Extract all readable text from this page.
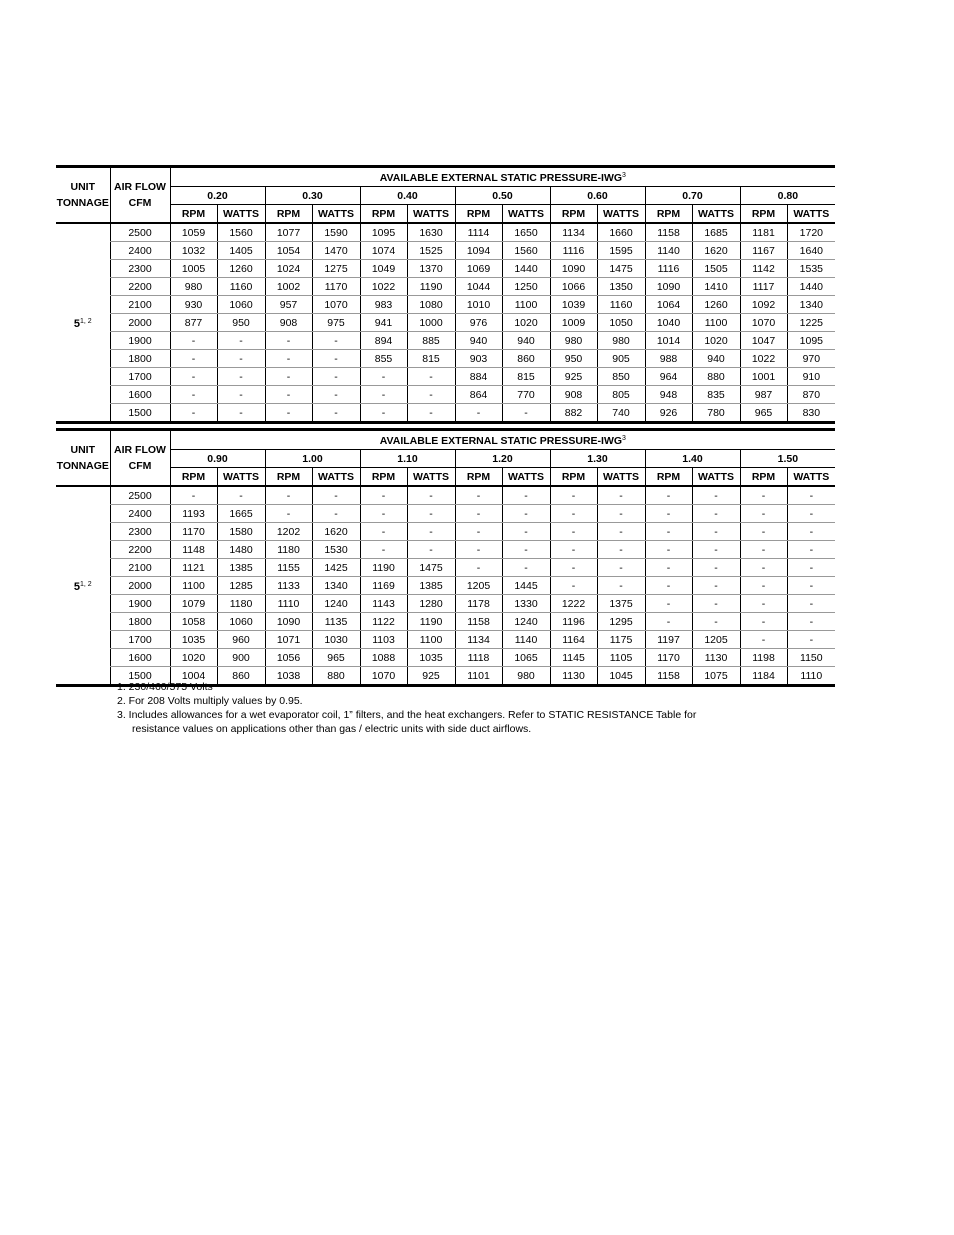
UNIT
TONNAGE	AIR FLOW
CFM	AVAILABLE EXTERNAL STATIC PRESSURE-IWG$^3$
		0.20		0.30		0.40		0.50		0.60		0.70		0.80	
		RPM	WATTS	RPM	WATTS	RPM	WATTS	RPM	WATTS	RPM	WATTS	RPM	WATTS	RPM	WATTS
5$^{1, 2}$	2500	1059	1560	1077	1590	1095	1630	1114	1650	1134	1660	1158	1685	1181	1720
	2400	1032	1405	1054	1470	1074	1525	1094	1560	1116	1595	1140	1620	1167	1640
	2300	1005	1260	1024	1275	1049	1370	1069	1440	1090	1475	1116	1505	1142	1535
	2200	980	1160	1002	1170	1022	1190	1044	1250	1066	1350	1090	1410	1117	1440
	2100	930	1060	957	1070	983	1080	1010	1100	1039	1160	1064	1260	1092	1340
	2000	877	950	908	975	941	1000	976	1020	1009	1050	1040	1100	1070	1225
	1900	-	-	-	-	894	885	940	940	980	980	1014	1020	1047	1095
	1800	-	-	-	-	855	815	903	860	950	905	988	940	1022	970
	1700	-	-	-	-	-	-	884	815	925	850	964	880	1001	910
	1600	-	-	-	-	-	-	864	770	908	805	948	835	987	870
	1500	-	-	-	-	-	-	-	-	882	740	926	780	965	830
UNIT
TONNAGE	AIR FLOW
CFM	AVAILABLE EXTERNAL STATIC PRESSURE-IWG$^3$
		0.90		1.00		1.10		1.20		1.30		1.40		1.50	
		RPM	WATTS	RPM	WATTS	RPM	WATTS	RPM	WATTS	RPM	WATTS	RPM	WATTS	RPM	WATTS
5$^{1, 2}$	2500	-	-	-	-	-	-	-	-	-	-	-	-	-	-
	2400	1193	1665	-	-	-	-	-	-	-	-	-	-	-	-
	2300	1170	1580	1202	1620	-	-	-	-	-	-	-	-	-	-
	2200	1148	1480	1180	1530	-	-	-	-	-	-	-	-	-	-
	2100	1121	1385	1155	1425	1190	1475	-	-	-	-	-	-	-	-
	2000	1100	1285	1133	1340	1169	1385	1205	1445	-	-	-	-	-	-
	1900	1079	1180	1110	1240	1143	1280	1178	1330	1222	1375	-	-	-	-
	1800	1058	1060	1090	1135	1122	1190	1158	1240	1196	1295	-	-	-	-
	1700	1035	960	1071	1030	1103	1100	1134	1140	1164	1175	1197	1205	-	-
	1600	1020	900	1056	965	1088	1035	1118	1065	1145	1105	1170	1130	1198	1150
	1500	1004	860	1038	880	1070	925	1101	980	1130	1045	1158	1075	1184	1110
1. 230/460/575 Volts
2. For 208 Volts multiply values by 0.95.
3. Includes allowances for a wet evaporator coil, 1” filters, and the heat exchangers. Refer to STATIC RESISTANCE Table for
resistance values on applications other than gas / electric units with side duct airflows.
